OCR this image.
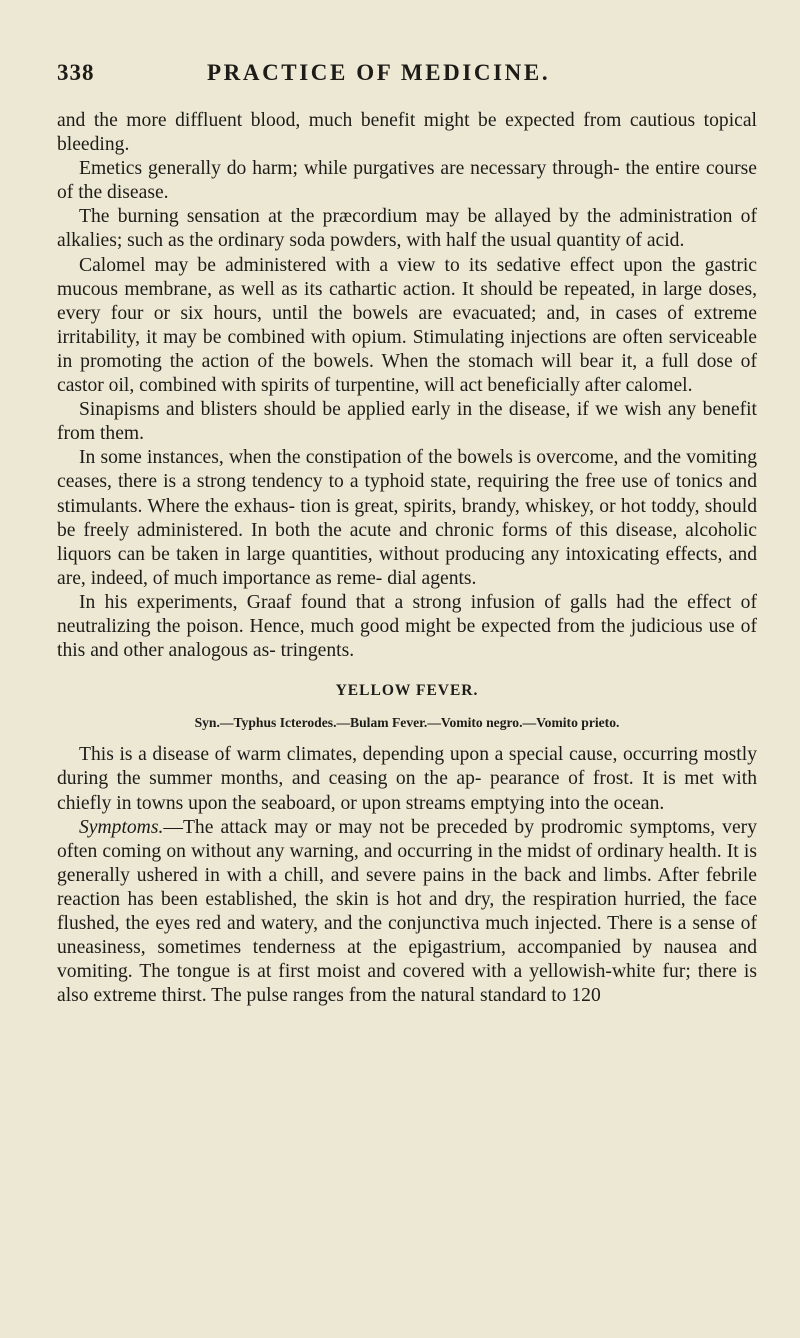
338	PRACTICE OF MEDICINE.

and the more diffluent blood, much benefit might be expected from cautious topical bleeding.

Emetics generally do harm; while purgatives are necessary through- the entire course of the disease.

The burning sensation at the præcordium may be allayed by the administration of alkalies; such as the ordinary soda powders, with half the usual quantity of acid.

Calomel may be administered with a view to its sedative effect upon the gastric mucous membrane, as well as its cathartic action. It should be repeated, in large doses, every four or six hours, until the bowels are evacuated; and, in cases of extreme irritability, it may be combined with opium. Stimulating injections are often serviceable in promoting the action of the bowels. When the stomach will bear it, a full dose of castor oil, combined with spirits of turpentine, will act beneficially after calomel.

Sinapisms and blisters should be applied early in the disease, if we wish any benefit from them.

In some instances, when the constipation of the bowels is overcome, and the vomiting ceases, there is a strong tendency to a typhoid state, requiring the free use of tonics and stimulants. Where the exhaus- tion is great, spirits, brandy, whiskey, or hot toddy, should be freely administered. In both the acute and chronic forms of this disease, alcoholic liquors can be taken in large quantities, without producing any intoxicating effects, and are, indeed, of much importance as reme- dial agents.

In his experiments, Graaf found that a strong infusion of galls had the effect of neutralizing the poison. Hence, much good might be expected from the judicious use of this and other analogous as- tringents.

YELLOW FEVER.
Syn.—Typhus Icterodes.—Bulam Fever.—Vomito negro.—Vomito prieto.

This is a disease of warm climates, depending upon a special cause, occurring mostly during the summer months, and ceasing on the ap- pearance of frost. It is met with chiefly in towns upon the seaboard, or upon streams emptying into the ocean.

Symptoms.—The attack may or may not be preceded by prodromic symptoms, very often coming on without any warning, and occurring in the midst of ordinary health. It is generally ushered in with a chill, and severe pains in the back and limbs. After febrile reaction has been established, the skin is hot and dry, the respiration hurried, the face flushed, the eyes red and watery, and the conjunctiva much injected. There is a sense of uneasiness, sometimes tenderness at the epigastrium, accompanied by nausea and vomiting. The tongue is at first moist and covered with a yellowish-white fur; there is also extreme thirst. The pulse ranges from the natural standard to 120
